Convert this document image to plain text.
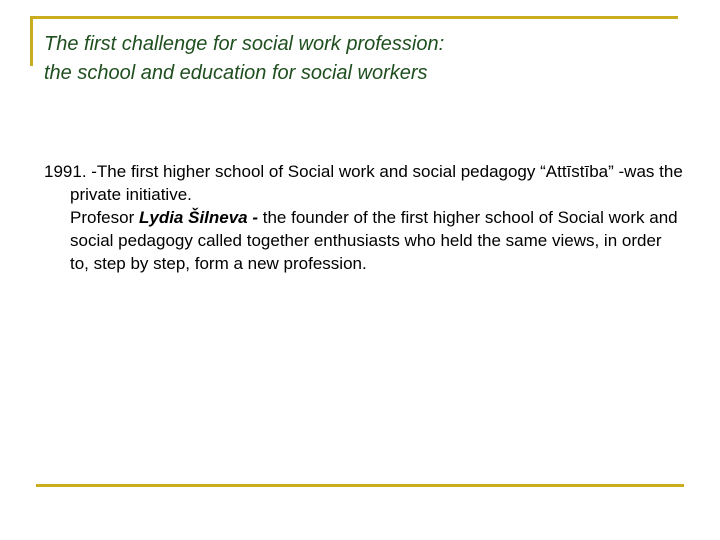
The first challenge for social work profession:
the school and education for social workers

1991. -The first higher school of Social work and social pedagogy “Attīstība” -was the private initiative.

Profesor Lydia Šilneva - the founder of the first higher school of Social work and social pedagogy called together enthusiasts who held the same views, in order to, step by step, form a new profession.
